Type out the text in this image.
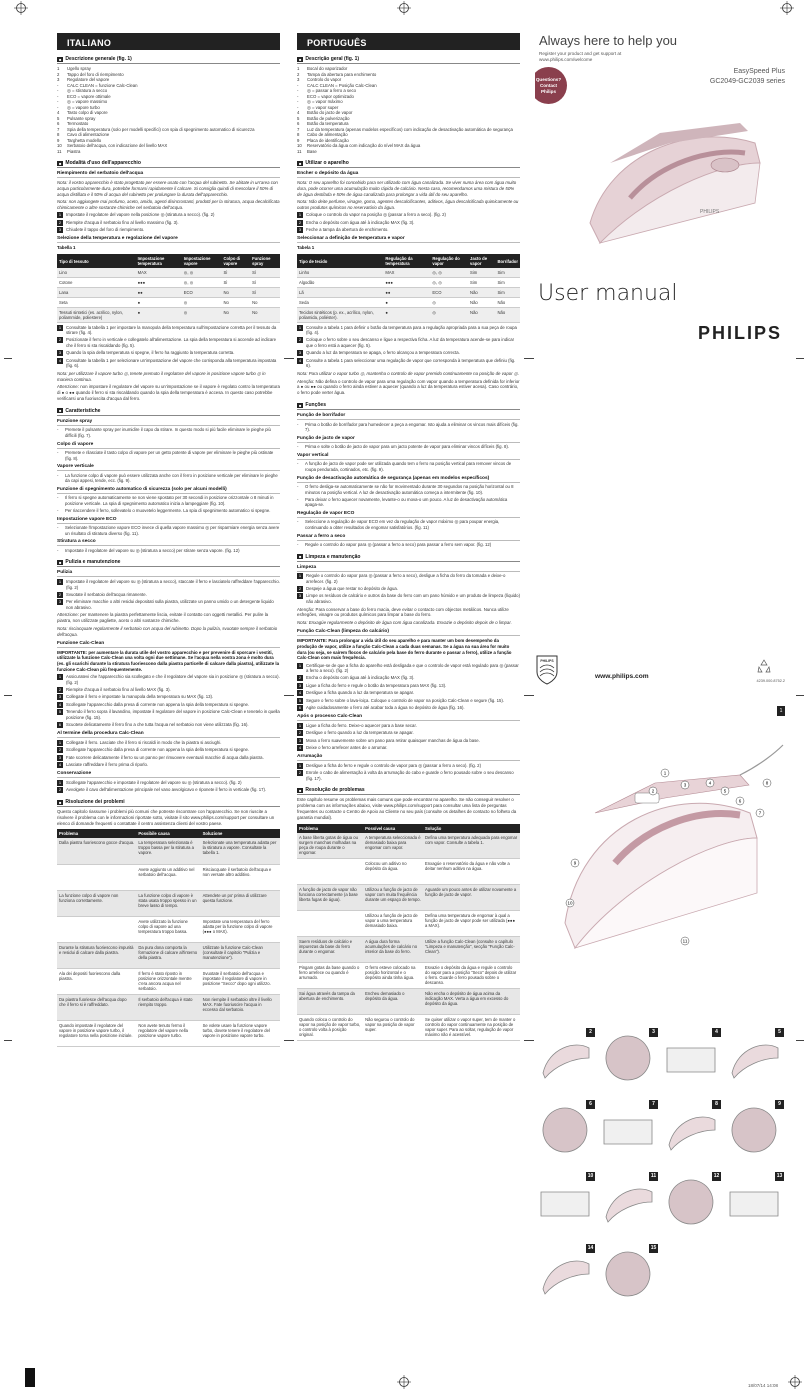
ITALIANO
■ Descrizione generale (fig. 1)
1	Ugello spray
2	Tappo del foro di riempimento
3	Regolatore del vapore
-	CALC CLEAN = funzione Calc-Clean
-	◎ = stiratura a secco
-	ECO = vapore ottimale
-	◎ = vapore massimo
-	◎ = vapore turbo
4	Tasto colpo di vapore
5	Pulsante spray
6	Termostato
7	Spia della temperatura (solo per modelli specifici) con spia di spegnimento automatico di sicurezza
8	Cavo di alimentazione
9	Targhetta modello
10	Serbatoio dell'acqua, con indicazione del livello MAX
11	Piastra
■ Modalità d'uso dell'apparecchio
Riempimento del serbatoio dell'acqua

Nota: il vostro apparecchio è stato progettato per essere usato con l'acqua del rubinetto. Se abitate in un'area con acqua particolarmente dura, potrebbe formarsi rapidamente il calcare. Si consiglia quindi di mescolare il 50% di acqua distillata e il 50% di acqua del rubinetto per prolungare la durata dell'apparecchio.

Nota: non aggiungete mai profumo, aceto, amido, agenti disincrostanti, prodotti per la stiratura, acqua decalcificata chimicamente o altre sostanze chimiche nel serbatoio dell'acqua.

1	Impostate il regolatore del vapore nella posizione ◎ (stiratura a secco). (fig. 2)
2	Riempite d'acqua il serbatoio fino al livello massimo (fig. 3).
3	Chiudete il tappo del foro di riempimento.
Selezione della temperatura e regolazione del vapore

Tabella 1

Tipo di tessuto	Impostazione temperatura	Impostazione vapore	Colpo di vapore	Funzione spray
Lino	MAX	◎, ◎	Sì	Sì
Cotone	●●●	◎, ◎	Sì	Sì
Lana	●●	ECO	No	Sì
Seta	●	◎	No	No
Tessuti sintetici (es. acrilico, nylon, poliammide, poliestere)	●	◎	No	No
1	Consultate la tabella 1 per impostare la manopola della temperatura sull'impostazione corretta per il tessuto da stirare (fig. 4).
2	Posizionate il ferro in verticale e collegatelo all'alimentazione. La spia della temperatura si accende ad indicare che il ferro si sta riscaldando (fig. 5).
3	Quando la spia della temperatura si spegne, il ferro ha raggiunto la temperatura corretta.
4	Consultate la tabella 1 per selezionare un'impostazione del vapore che corrisponda alla temperatura impostata (fig. 6).

Nota: per utilizzare il vapore turbo ◎, tenete premuto il regolatore del vapore in posizione vapore turbo ◎ in maniera continua.

Attenzione: non impostare il regolatore del vapore su un'impostazione se il vapore è regolato contro la temperatura di ● o ●● quando il ferro si sta riscaldando quando la spia della temperatura è accesa. In questo caso potrebbe verificarsi una fuoriuscita d'acqua dal ferro.

■ Caratteristiche
Funzione spray
-	Premete il pulsante spray per inumidire il capo da stirare. In questo modo si più facile eliminare le pieghe più difficili (fig. 7).
Colpo di vapore
-	Premete e rilasciate il tasto colpo di vapore per un getto potente di vapore per eliminare le pieghe più ostinate (fig. 8).
Vapore verticale
-	La funzione colpo di vapore può essere utilizzata anche con il ferro in posizione verticale per eliminare le pieghe da capi appesi, tende, ecc. (fig. 9).
Funzione di spegnimento automatico di sicurezza (solo per alcuni modelli)
-	Il ferro si spegne automaticamente se non viene spostato per 30 secondi in posizione orizzontale o 8 minuti in posizione verticale. La spia di spegnimento automatico inizia a lampeggiare (fig. 10).
-	Per riaccendere il ferro, sollevatelo o muovetelo leggermente. La spia di spegnimento automatico si spegne.
Impostazione vapore ECO
-	Selezionate l'impostazione vapore ECO invece di quella vapore massimo ◎ per risparmiare energia senza avere un risultato di stiratura diverso (fig. 11).
Stiratura a secco
-	Impostate il regolatore del vapore su ◎ (stiratura a secco) per stirare senza vapore. (fig. 12)
■ Pulizia e manutenzione
Pulizia
1	Impostate il regolatore del vapore su ◎ (stiratura a secco), staccate il ferro e lasciatelo raffreddare l'apparecchio. (fig. 2)
2	Svuotate il serbatoio dell'acqua rimanente.
3	Per eliminare macchie o altri residui depositati sulla piastra, utilizzate un panno umido o un detergente liquido non abrasivo.

Attenzione: per mantenere la piastra perfettamente liscia, evitate il contatto con oggetti metallici. Per pulire la piastra, non utilizzate pagliette, aceto o altri sostanze chimiche.

Nota: risciacquate regolarmente il serbatoio con acqua del rubinetto. Dopo la pulizia, svuotate sempre il serbatoio dell'acqua.

Funzione Calc-Clean

IMPORTANTE: per aumentare la durata utile del vostro apparecchio e per prevenire di sporcare i vestiti, utilizzate la funzione Calc-Clean una volta ogni due settimane. Se l'acqua nella vostra zona è molto dura (es. gli scarichi durante la stiratura fuoriescono dalla piastra particelle di calcare dalla piastra), utilizzate la funzione Calc-Clean più frequentemente.

1	Assicuratevi che l'apparecchio sia scollegato e che il regolatore del vapore sia in posizione ◎ (stiratura a secco). (fig. 2)
2	Riempite d'acqua il serbatoio fino al livello MAX (fig. 3).
3	Collegate il ferro e impostate la manopola della temperatura su MAX (fig. 13).
4	Scollegate l'apparecchio dalla presa di corrente non appena la spia della temperatura si spegne.
5	Tenendo il ferro sopra il lavandino, impostate il regolatore del vapore in posizione Calc-Clean e tenetelo in quella posizione (fig. 15).
6	Scuotete delicatamente il ferro fino a che tutta l'acqua nel serbatoio non viene utilizzata (fig. 16).
Al termine della procedura Calc-Clean
1	Collegate il ferro. Lasciate che il ferro si riscaldi in modo che la piastra si asciughi.
2	Scollegate l'apparecchio dalla presa di corrente non appena la spia della temperatura si spegne.
3	Fate scorrere delicatamente il ferro su un panno per rimuovere eventuali macchie di acqua dalla piastra.
4	Lasciate raffreddare il ferro prima di riporlo.
Conservazione
1	Scollegate l'apparecchio e impostate il regolatore del vapore su ◎ (stiratura a secco). (fig. 2)
2	Avvolgete il cavo dell'alimentazione principale nel vano avvolgicavo e riponete il ferro in verticale (fig. 17).
■ Risoluzione dei problemi

Questo capitolo riassume i problemi più comuni che potreste riscontrare con l'apparecchio. Se non riuscite a risolvere il problema con le informazioni riportate sotto, visitate il sito www.philips.com/support per consultare un elenco di domande frequenti o contattate il centro assistenza clienti del vostro paese.

Problema	Possibile causa	Soluzione
Dalla piastra fuoriescono gocce d'acqua.	La temperatura selezionata è troppo bassa per la stiratura a vapore.	Selezionate una temperatura adatta per la stiratura a vapore. Consultate la tabella 1.
	Avete aggiunto un additivo nel serbatoio dell'acqua.	Risciacquate il serbatoio dell'acqua e non versate altro additivo.
La funzione colpo di vapore non funziona correttamente.	La funzione colpo di vapore è stata usata troppo spesso in un breve lasso di tempo.	Attendete un po' prima di utilizzare questa funzione.
	Avete utilizzato la funzione colpo di vapore ad una temperatura troppo bassa.	Impostate una temperatura del ferro adatta per la funzione colpo di vapore (●●● o MAX).
Durante la stiratura fuoriescono impurità e residui di calcare dalla piastra.	Da pura dona comporta la formazione di calcare all'interno della piastra.	Utilizzate la funzione Calc-Clean (consultate il capitolo "Pulizia e manutenzione").
Ala dei depositi fuoriescono dalla piastra.	Il ferro è stato riposto in posizione orizzontale mentre c'era ancora acqua nel serbatoio.	Svuotate il serbatoio dell'acqua e impostate il regolatore di vapore in posizione "Secco" dopo ogni utilizzo.
Da piastra fuoriesce dell'acqua dopo che il ferro si è raffreddato.	Il serbatoio dell'acqua è stato riempito troppo.	Non riempite il serbatoio oltre il livello MAX. Fate fuoriuscire l'acqua in eccesso dal serbatoio.
Quando impostate il regolatore del vapore in posizione vapore turbo, il regolatore torna nella posizione iniziale.	Non avete tenuto fermo il regolatore del vapore nella posizione vapore turbo.	Se volete usare la funzione vapore turbo, dovete tenere il regolatore del vapore in posizione vapore turbo.
PORTUGUÊS
■ Descrição geral (fig. 1)
1	Bocal do vaporizador
2	Tampa da abertura para enchimento
3	Controlo do vapor
-	CALC CLEAN = Posição Calc-Clean
-	◎ = passar a ferro a seco
-	ECO = vapor optimizado
-	◎ = vapor máximo
-	◎ = vapor super
4	Botão do jacto de vapor
5	Botão de pulverização
6	Botão da temperatura
7	Luz da temperatura (apenas modelos específicos) com indicação de desactivação automática de segurança
8	Cabo de alimentação
9	Placa de identificação
10	Reservatório da água com indicação do nível MAX da água
11	Base
■ Utilizar o aparelho
Encher o depósito da água

Nota: O seu aparelho foi concebido para ser utilizado com água canalizada. Se viver numa área com água muito dura, pode ocorrer uma acumulação muito rápida de calcário. Nesta caso, recomendamos uma mistura de 50% de água destilada e 50% de água canalizada para prolongar a vida útil do seu aparelho.

Nota: Não deite perfume, vinagre, goma, agentes descalcificantes, aditivos, água descalcificada quimicamente ou outros produtos químicos no reservatório da água.

1	Coloque o controlo do vapor na posição ◎ (passar a ferro a seco). (fig. 2)
2	Encha o depósito com água até à indicação MAX (fig. 3).
3	Feche a tampa da abertura de enchimento.
Seleccionar a definição de temperatura e vapor

Tabela 1

Tipo de tecido	Regulação da temperatura	Regulação do vapor	Jacto de vapor	Borrifador
Linho	MAX	◎, ◎	Sim	Sim
Algodão	●●●	◎, ◎	Sim	Sim
Lã	●●	ECO	Não	Sim
Seda	●	◎	Não	Não
Tecidos sintéticos (p. ex., acrílico, nylon, poliamida, poliéster).	●	◎	Não	Não
1	Consulte a tabela 1 para definir o botão da temperatura para a regulação apropriada para a sua peça de roupa (fig. 4).
2	Coloque o ferro sobre o seu descanso e ligue a respectiva ficha. A luz da temperatura acende-se para indicar que o ferro está a aquecer (fig. 5).
3	Quando a luz da temperatura se apaga, o ferro alcançou a temperatura correcta.
4	Consulte a tabela 1 para seleccionar uma regulação de vapor que corresponda à temperatura que definiu (fig. 6).

Nota: Para utilizar o vapor turbo ◎, mantenha o controlo de vapor premido continuamente na posição de vapor ◎.

Atenção: Não defina o controlo de vapor para uma regulação com vapor quando a temperatura definida for inferior a ● ou ●● ou quando o ferro ainda estiver a aquecer (quando a luz da temperatura estiver acesa). Caso contrário, o ferro pode verter água.

■ Funções
Função de borrifador
-	Prima o botão de borrifador para humedecer a peça a engomar. Isto ajuda a eliminar os vincos mais difíceis (fig. 7).
Função de jacto de vapor
-	Prima e solte o botão de jacto de vapor para um jacto potente de vapor para eliminar vincos difíceis (fig. 8).
Vapor vertical
-	A função de jacto de vapor pode ser utilizada quando tem o ferro na posição vertical para remover vincos de roupa pendurada, cortinados, etc. (fig. 9).
Função de desactivação automática de segurança (apenas em modelos específicos)
-	O ferro desliga-se automaticamente se não for movimentado durante 30 segundos na posição horizontal ou 8 minutos na posição vertical. A luz de desactivação automática começa a intermitente (fig. 10).
-	Para deixar o ferro aquecer novamente, levante-o ou mova-o um pouco. A luz de desactivação automática apaga-se.
Regulação de vapor ECO
-	Seleccione a regulação de vapor ECO em vez da regulação de vapor máximo ◎ para poupar energia, continuando a obter resultados de engomar satisfatórios. (fig. 11)
Passar a ferro a seco
-	Regule o controlo do vapor para ◎ (passar a ferro a seco) para passar a ferro sem vapor. (fig. 12)
■ Limpeza e manutenção
Limpeza
1	Regule o controlo do vapor para ◎ (passar a ferro a seco), desligue a ficha do ferro da tomada e deixe-o arrefecer. (fig. 2)
2	Despeje a água que restar no depósito de água.
3	Limpe os resíduos de calcário e outros da base do ferro com um pano húmido e um produto de limpeza (líquido) não abrasivo.

Atenção: Para conservar a base do ferro macia, deve evitar o contacto com objectos metálicos. Nunca utilize esfregões, vinagre ou produtos químicos para limpar a base do ferro.

Nota: Enxagúe regularmente o depósito de água com água canalizada. Esvazie o depósito depois de o limpar.

Função Calc-Clean (limpeza do calcário)

IMPORTANTE: Para prolongar a vida útil do seu aparelho e para manter um bom desempenho da produção de vapor, utilize a função Calc-Clean a cada duas semanas. Se a água na sua área for muito dura (ou seja, se saírem flocos de calcário pela base do ferro durante o passar a ferro), utilize a função Calc-Clean com mais frequência.

1	Certifique-se de que a ficha do aparelho está desligada e que o controlo de vapor está regulado para ◎ (passar a ferro a seco). (fig. 2)
2	Encha o depósito com água até à indicação MAX (fig. 3).
3	Ligue a ficha do ferro e regule o botão da temperatura para MAX (fig. 13).
4	Desligue a ficha quando a luz da temperatura se apagar.
5	Segure o ferro sobre o lava-loiça. Coloque o controlo de vapor na posição Calc-Clean e segure (fig. 15).
6	Agite cuidadosamente o ferro até acabar toda a água no depósito de água (fig. 16).
Após o processo Calc-Clean
1	Ligue a ficha do ferro. Deixe-o aquecer para a base secar.
2	Desligue o ferro quando a luz da temperatura se apagar.
3	Mova o ferro suavemente sobre um pano para retirar quaisquer manchas de água da base.
4	Deixe o ferro arrefecer antes de o arrumar.
Arrumação
1	Desligue a ficha do ferro e regule o controlo de vapor para ◎ (passar a ferro a seco). (fig. 2)
2	Enrole o cabo de alimentação à volta da arrumação do cabo e guarde o ferro pousado sobre o seu descanso (fig. 17).
■ Resolução de problemas

Este capítulo resume os problemas mais comuns que pode encontrar no aparelho. Se não conseguir resolver o problema com as informações abaixo, visite www.philips.com/support para consultar uma lista de perguntas frequentes ou contacte o Centro de Apoio ao Cliente no seu país (consulte os detalhes de contacto no folheto da garantia mundial).

Problema	Possível causa	Solução
A base liberta gotas de água ou surgem manchas molhadas na peça de roupa durante o engomar.	A temperatura seleccionada é demasiado baixa para engomar com vapor.	Defina uma temperatura adequada para engomar com vapor. Consulte a tabela 1.
	Colocou um aditivo no depósito da água.	Enxagúe o reservatório da água e não volte a deitar nenhum aditivo na água.
A função de jacto de vapor não funciona correctamente (a base liberta fugas de água).	Utilizou a função de jacto de vapor com muita frequência durante um espaço de tempo.	Aguarde um pouco antes de utilizar novamente a função de jacto de vapor.
	Utilizou a função de jacto de vapor a uma temperatura demasiado baixa.	Defina uma temperatura de engomar à qual a função de jacto de vapor pode ser utilizada (●●● a MAX).
Saem resíduos de calcário e impurezas da base do ferro durante o engomar.	A água dura forma acumulações de calcário no interior da base do ferro.	Utilize a função Calc-Clean (consulte o capítulo "Limpeza e manutenção", secção "Função Calc-Clean").
Pingam gotas da base quando o ferro arrefece ou quando é arrumado.	O ferro esteve colocado na posição horizontal e o depósito ainda tinha água.	Esvazie o depósito da água e regule o controlo do vapor para a posição "Seco" depois de utilizar o ferro. Guarde o ferro pousado sobre o descanso.
Sai água através da tampa da abertura de enchimento.	Encheu demasiado o depósito da água.	Não encha o depósito de água acima da indicação MAX. Verta a água em excesso do depósito da água.
Quando coloca o controlo do vapor na posição de vapor turbo, o controlo volta à posição original.	Não segurou o controlo do vapor na posição de vapor super.	Se quiser utilizar o vapor super, tem de manter o controlo do vapor continuamente na posição de vapor super. Para ao soltar, regulação de vapor máximo não é acessível.
Always here to help you
Register your product and get support at
www.philips.com/welcome
Questions?
Contact
Philips
EasySpeed Plus
GC2049-GC2039 series
PHILIPS
User manual
PHILIPS
PHILIPS
www.philips.com
4239.000.8752.2
1
1
2
3	4
5
6
7
8
9
10
11
2	3	4	5
6	7	8	9
10	11	12	13
14	15
18/07/14 14:08
